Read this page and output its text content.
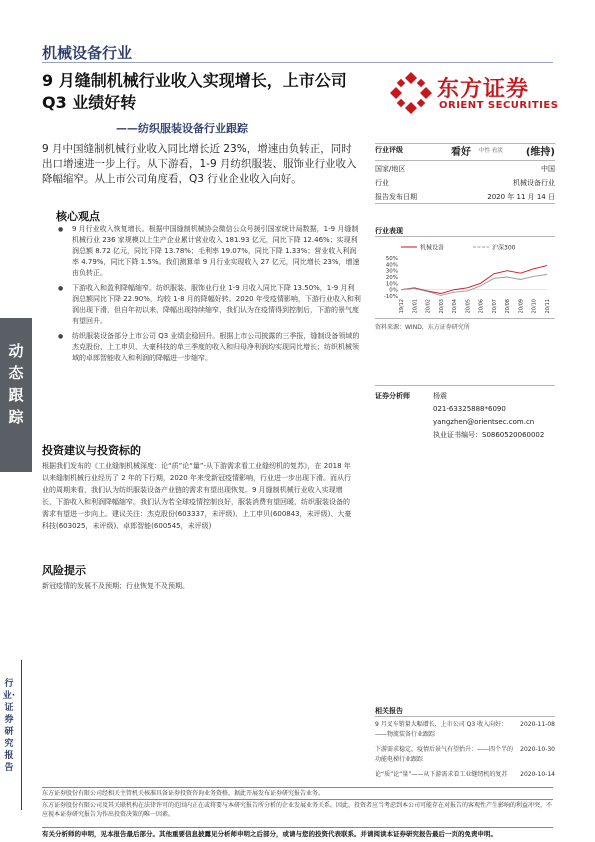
机械设备行业
9 月缝制机械行业收入实现增长，上市公司 Q3 业绩好转
——纺织服装设备行业跟踪
东方证券
ORIENT SECURITIES
9 月中国缝制机械行业收入同比增长近 23%，增速由负转正，同时出口增速进一步上行。从下游看，1-9 月纺织服装、服饰业行业收入降幅缩窄。从上市公司角度看，Q3 行业企业收入向好。
核心观点
● 9 月行业收入恢复增长。根据中国缝制机械协会微信公众号援引国家统计局数据，1-9 月缝制机械行业 236 家规模以上生产企业累计营业收入 181.93 亿元，同比下降 12.46%；实现利润总额 8.72 亿元，同比下降 13.78%；毛利率 19.07%，同比下降 1.33%；营业收入利润率 4.79%，同比下降 1.5%。我们测算单 9 月行业实现收入 27 亿元，同比增长 23%，增速由负转正。
● 下游收入和盈利降幅缩窄。纺织服装、服饰业行业 1-9 月收入同比下降 13.50%，1-9 月利润总额同比下降 22.90%，均较 1-8 月的降幅好转。2020 年受疫情影响，下游行业收入和利润出现下滑，但自年初以来，降幅出现持续缩窄，我们认为在疫情得到控制后，下游的景气度有望回升。
● 纺织服装设备部分上市公司 Q3 业绩企稳回升。根据上市公司披露的三季报，缝制设备领域的杰克股份、上工申贝、大豪科技的单三季度的收入和归母净利润均实现同比增长；纺织机械领域的卓郎智能收入和利润的降幅进一步缩窄。
投资建议与投资标的
根据我们发布的《工业缝制机械深度：论“质”论“量”-从下游需求看工业缝纫机的复苏》，在 2018 年以来缝制机械行业经历了 2 年的下行期，2020 年来受新冠疫情影响，行业进一步出现下滑。而从行业的周期来看，我们认为纺织服装设备产业链的需求有望出现恢复。9 月缝制机械行业收入实现增长，下游收入和利润降幅缩窄。我们认为若全球疫情控制良好，服装消费有望回暖，纺织服装设备的需求有望进一步向上。建议关注：杰克股份(603337，未评级)、上工申贝(600843，未评级)、大豪科技(603025，未评级)、卓郎智能(600545，未评级)
风险提示
新冠疫情的发展不及预期；行业恢复不及预期。
行业评级	看好 中性 看淡 (维持)
国家/地区	中国
行业	机械设备行业
报告发布日期	2020 年 11 月 14 日
行业表现
机械设备	沪深300
50%
40%
30%
20%
10%
0%
-10%
19/12 20/01 20/02 20/03 20/04 20/05 20/06 20/07 20/08 20/09 20/10 20/11
资料来源：WIND，东方证券研究所
证券分析师	杨震
021-63325888*6090
yangzhen@orientsec.com.cn
执业证书编号：S0860520060002
动态跟踪
行业·证券研究报告
相关报告
9 月叉车销量大幅增长，上市公司 Q3 收入向好：——物流装备行业跟踪
2020-11-08
下游需求稳定，疫情后景气有望抬升：——四个半的功能电梯行业跟踪
2020-10-30
论“质”论“量”——从下游需求看工业缝纫机的复苏	2020-10-14
东方证券股份有限公司经相关主管机关核准具备证券投资咨询业务资格，据此开展发布证券研究报告业务。
东方证券股份有限公司及其关联机构在法律许可的范围内正在或将要与本研究报告所分析的企业发展业务关系。因此，投资者应当考虑到本公司可能存在对报告的客观性产生影响的利益冲突，不应视本证券研究报告为作出投资决策的唯一因素。
有关分析师的申明，见本报告最后部分。其他重要信息披露见分析师申明之后部分，或请与您的投资代表联系。并请阅读本证券研究报告最后一页的免责申明。
